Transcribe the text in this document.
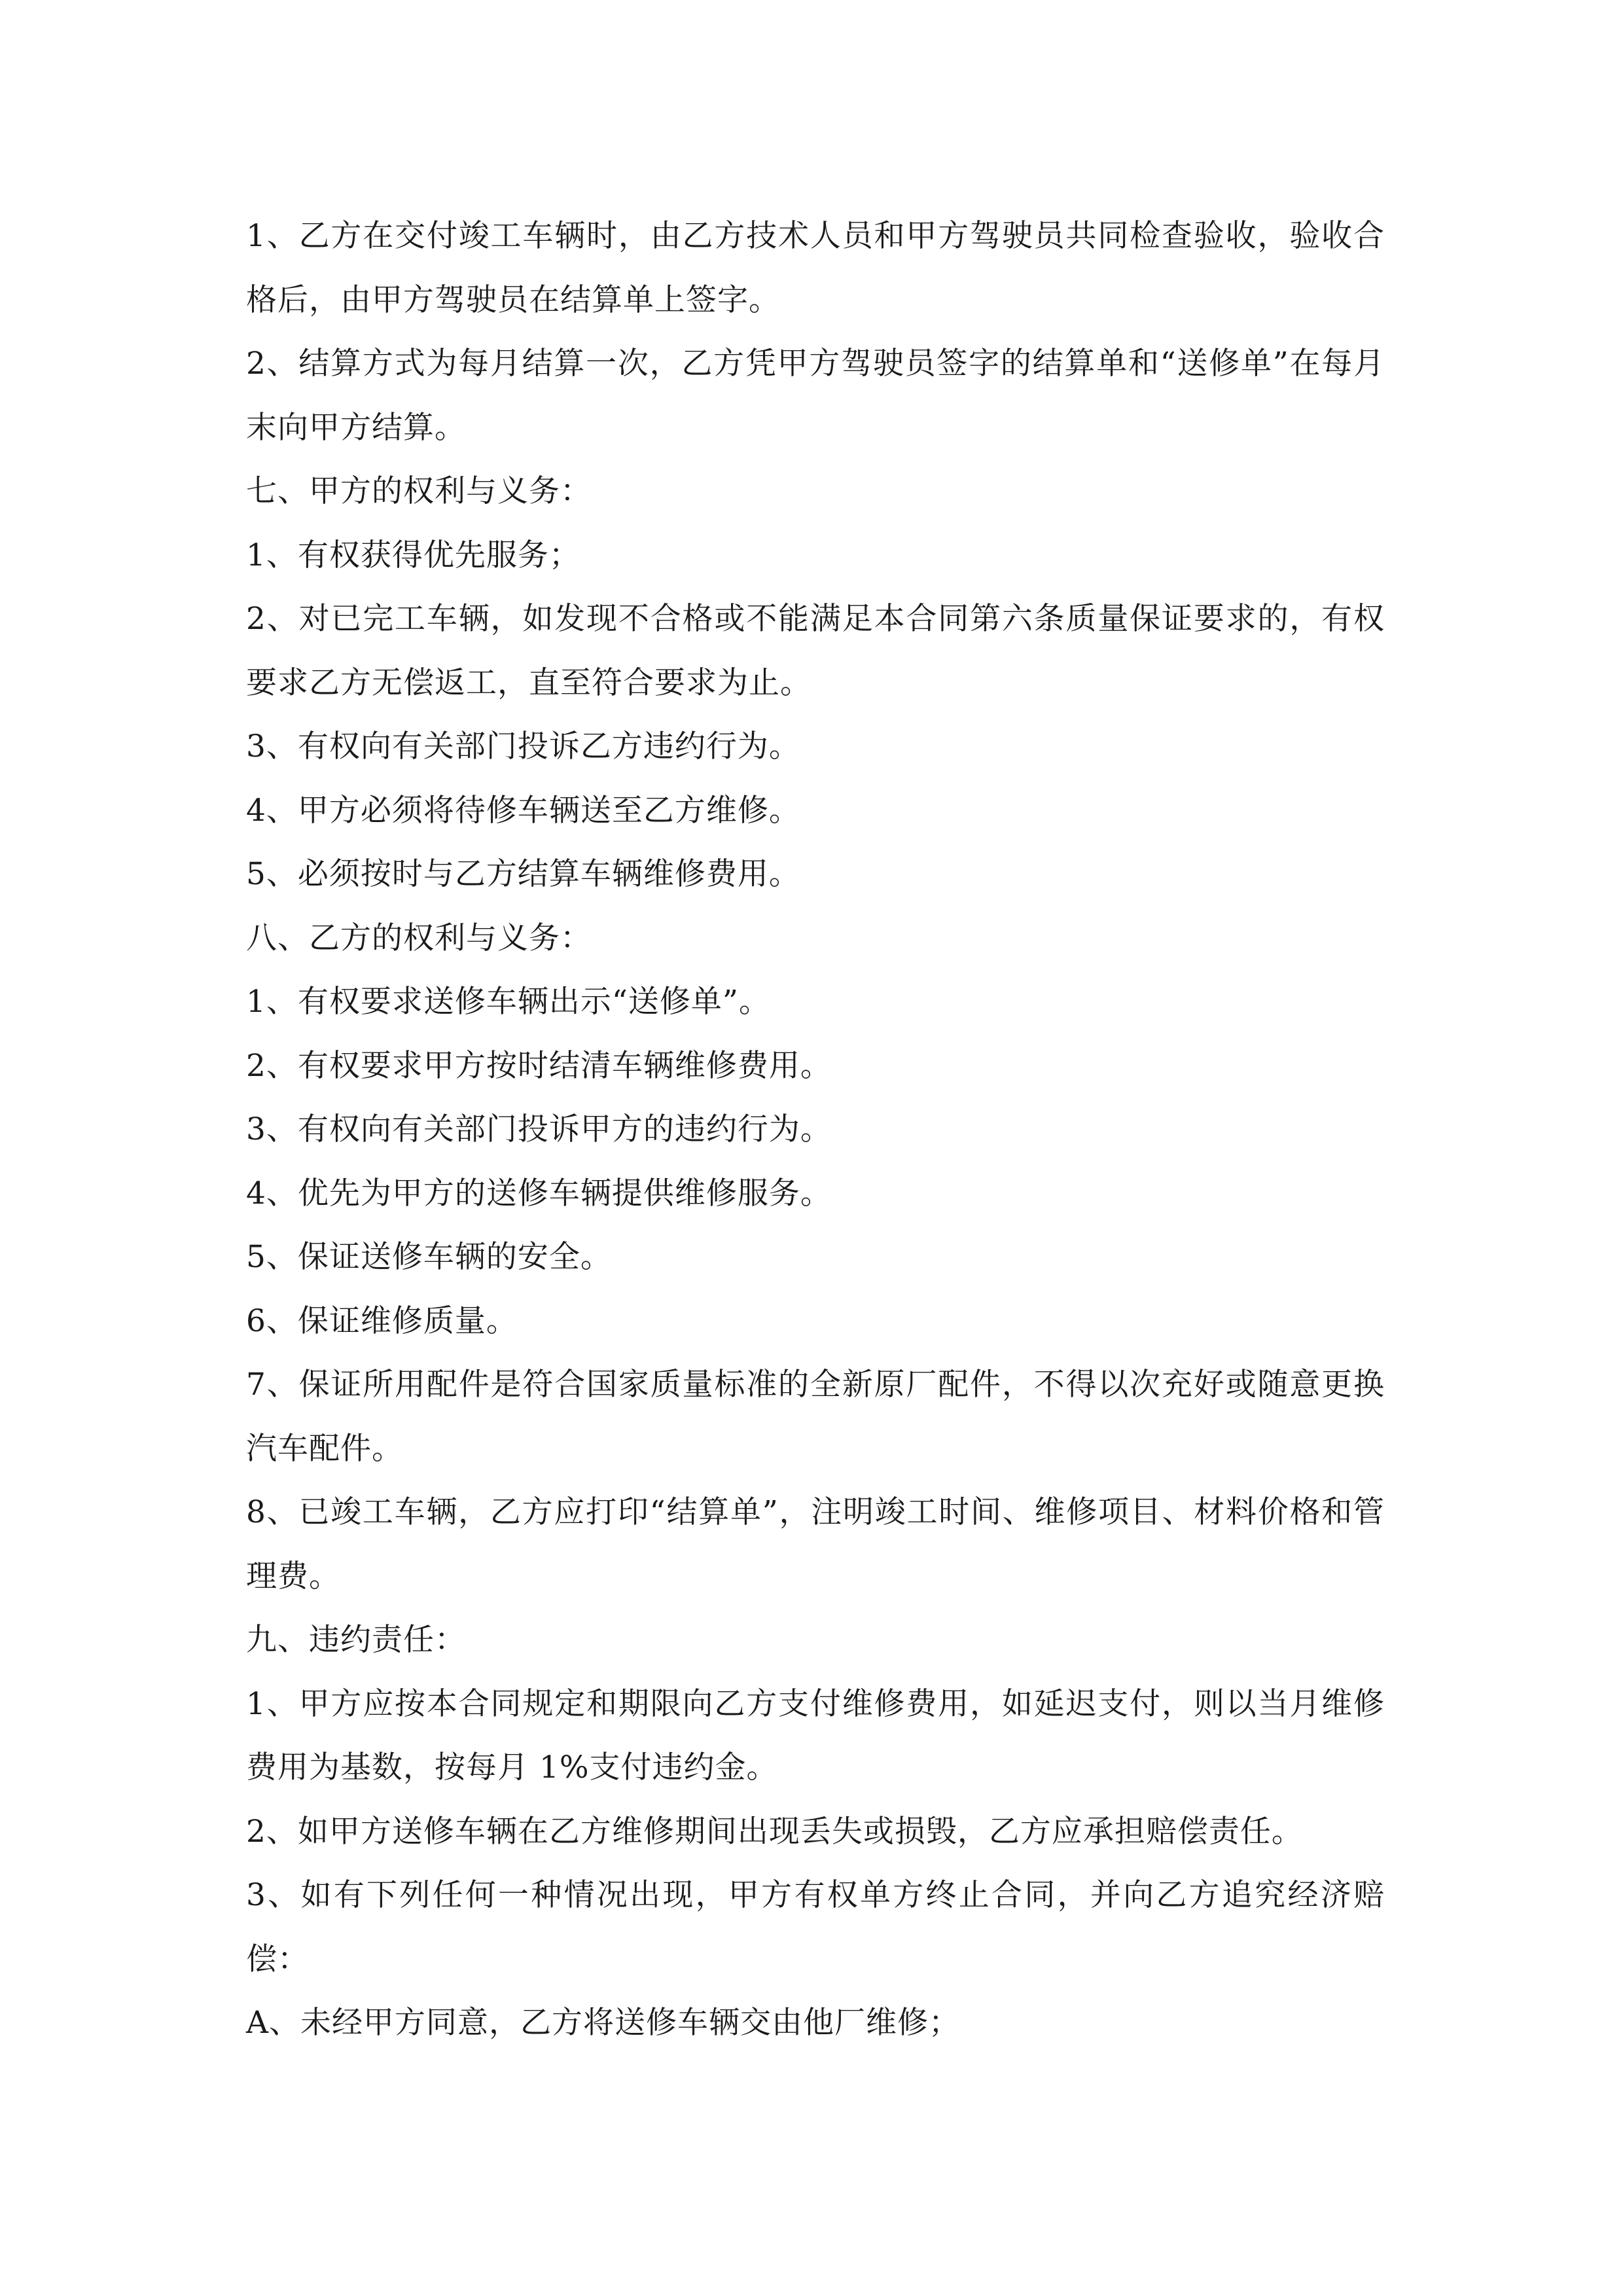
1、乙方在交付竣工车辆时，由乙方技术人员和甲方驾驶员共同检查验收，验收合格后，由甲方驾驶员在结算单上签字。

2、结算方式为每月结算一次，乙方凭甲方驾驶员签字的结算单和“送修单”在每月末向甲方结算。

七、甲方的权利与义务：

1、有权获得优先服务；

2、对已完工车辆，如发现不合格或不能满足本合同第六条质量保证要求的，有权要求乙方无偿返工，直至符合要求为止。

3、有权向有关部门投诉乙方违约行为。

4、甲方必须将待修车辆送至乙方维修。

5、必须按时与乙方结算车辆维修费用。

八、乙方的权利与义务：

1、有权要求送修车辆出示“送修单”。

2、有权要求甲方按时结清车辆维修费用。

3、有权向有关部门投诉甲方的违约行为。

4、优先为甲方的送修车辆提供维修服务。

5、保证送修车辆的安全。

6、保证维修质量。

7、保证所用配件是符合国家质量标准的全新原厂配件，不得以次充好或随意更换汽车配件。

8、已竣工车辆，乙方应打印“结算单”，注明竣工时间、维修项目、材料价格和管理费。

九、违约责任：

1、甲方应按本合同规定和期限向乙方支付维修费用，如延迟支付，则以当月维修费用为基数，按每月 1%支付违约金。

2、如甲方送修车辆在乙方维修期间出现丢失或损毁，乙方应承担赔偿责任。

3、如有下列任何一种情况出现，甲方有权单方终止合同，并向乙方追究经济赔偿：

A、未经甲方同意，乙方将送修车辆交由他厂维修；
